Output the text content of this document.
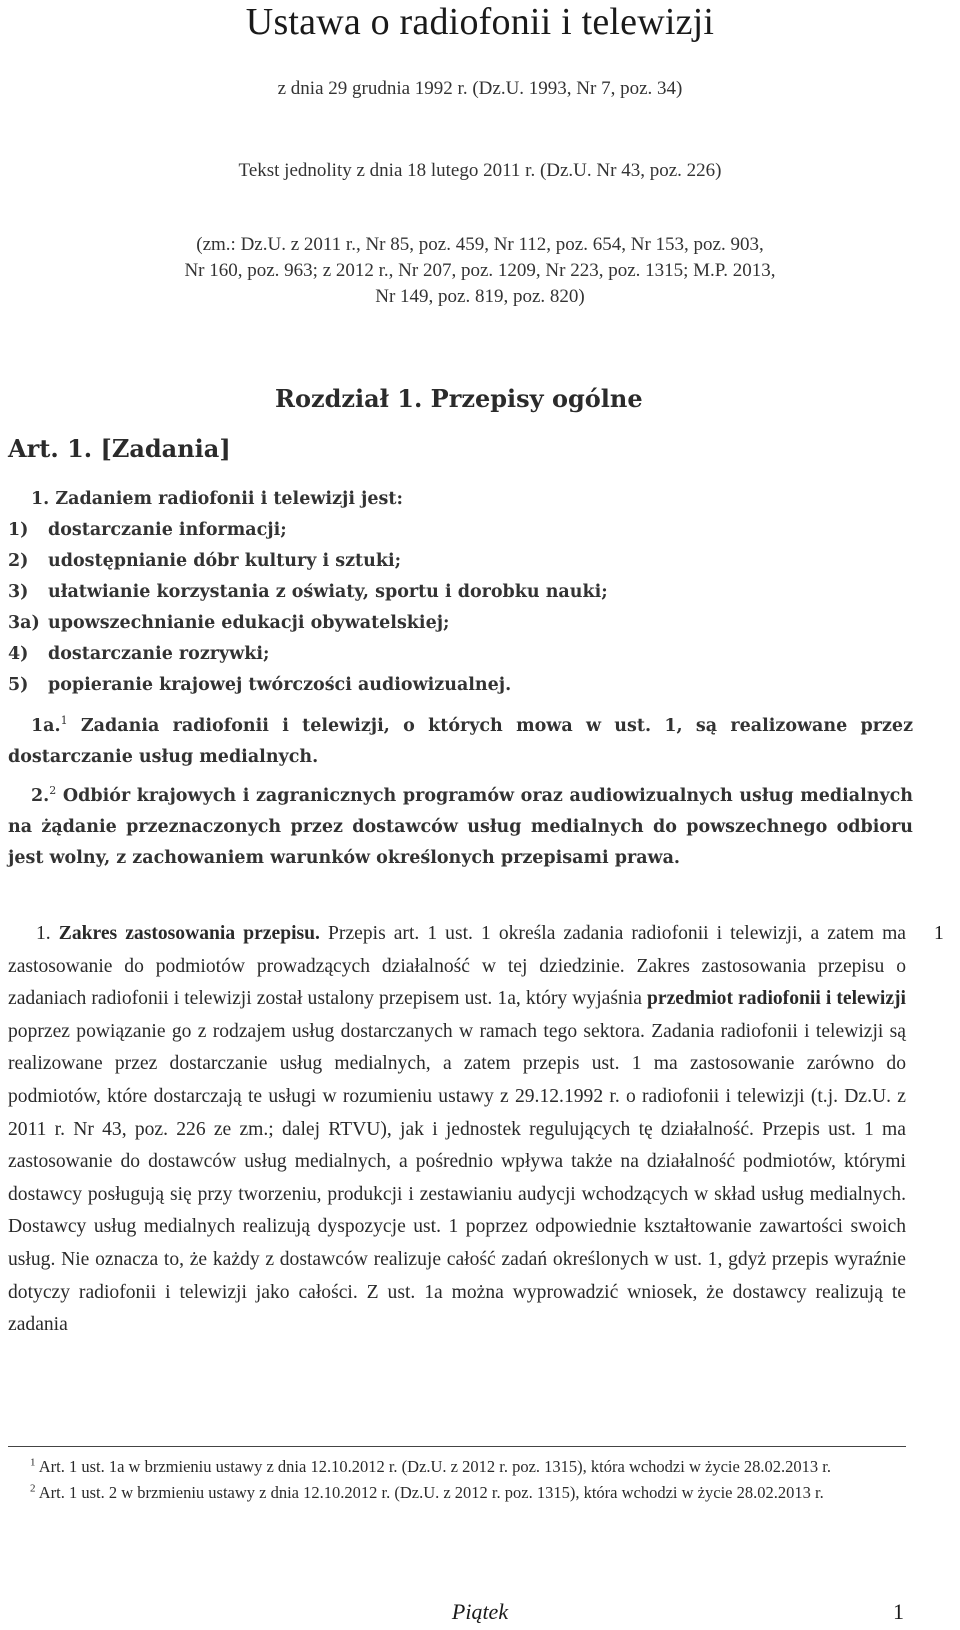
Ustawa o radiofonii i telewizji
z dnia 29 grudnia 1992 r. (Dz.U. 1993, Nr 7, poz. 34)
Tekst jednolity z dnia 18 lutego 2011 r. (Dz.U. Nr 43, poz. 226)
(zm.: Dz.U. z 2011 r., Nr 85, poz. 459, Nr 112, poz. 654, Nr 153, poz. 903,
Nr 160, poz. 963; z 2012 r., Nr 207, poz. 1209, Nr 223, poz. 1315; M.P. 2013,
Nr 149, poz. 819, poz. 820)
Rozdział 1. Przepisy ogólne
Art. 1. [Zadania]

1. Zadaniem radiofonii i telewizji jest:

1)	dostarczanie informacji;

2)	udostępnianie dóbr kultury i sztuki;

3)	ułatwianie korzystania z oświaty, sportu i dorobku nauki;

3a) upowszechnianie edukacji obywatelskiej;

4)	dostarczanie rozrywki;

5)	popieranie krajowej twórczości audiowizualnej.

1a.$^1$ Zadania radiofonii i telewizji, o których mowa w ust. 1, są realizowane przez dostarczanie usług medialnych.

2.$^2$ Odbiór krajowych i zagranicznych programów oraz audiowizualnych usług medialnych na żądanie przeznaczonych przez dostawców usług medialnych do powszechnego odbioru jest wolny, z zachowaniem warunków określonych przepisami prawa.

1
1. Zakres zastosowania przepisu. Przepis art. 1 ust. 1 określa zadania radiofonii i telewizji, a zatem ma zastosowanie do podmiotów prowadzących działalność w tej dziedzinie. Zakres zastosowania przepisu o zadaniach radiofonii i telewizji został ustalony przepisem ust. 1a, który wyjaśnia przedmiot radiofonii i telewizji poprzez powiązanie go z rodzajem usług dostarczanych w ramach tego sektora. Zadania radiofonii i telewizji są realizowane przez dostarczanie usług medialnych, a zatem przepis ust. 1 ma zastosowanie zarówno do podmiotów, które dostarczają te usługi w rozumieniu ustawy z 29.12.1992 r. o radiofonii i telewizji (t.j. Dz.U. z 2011 r. Nr 43, poz. 226 ze zm.; dalej RTVU), jak i jednostek regulujących tę działalność. Przepis ust. 1 ma zastosowanie do dostawców usług medialnych, a pośrednio wpływa także na działalność podmiotów, którymi dostawcy posługują się przy tworzeniu, produkcji i zestawianiu audycji wchodzących w skład usług medialnych. Dostawcy usług medialnych realizują dyspozycje ust. 1 poprzez odpowiednie kształtowanie zawartości swoich usług. Nie oznacza to, że każdy z dostawców realizuje całość zadań określonych w ust. 1, gdyż przepis wyraźnie dotyczy radiofonii i telewizji jako całości. Z ust. 1a można wyprowadzić wniosek, że dostawcy realizują te zadania

$^1$ Art. 1 ust. 1a w brzmieniu ustawy z dnia 12.10.2012 r. (Dz.U. z 2012 r. poz. 1315), która wchodzi w życie 28.02.2013 r.

$^2$ Art. 1 ust. 2 w brzmieniu ustawy z dnia 12.10.2012 r. (Dz.U. z 2012 r. poz. 1315), która wchodzi w życie 28.02.2013 r.

Piątek	1
